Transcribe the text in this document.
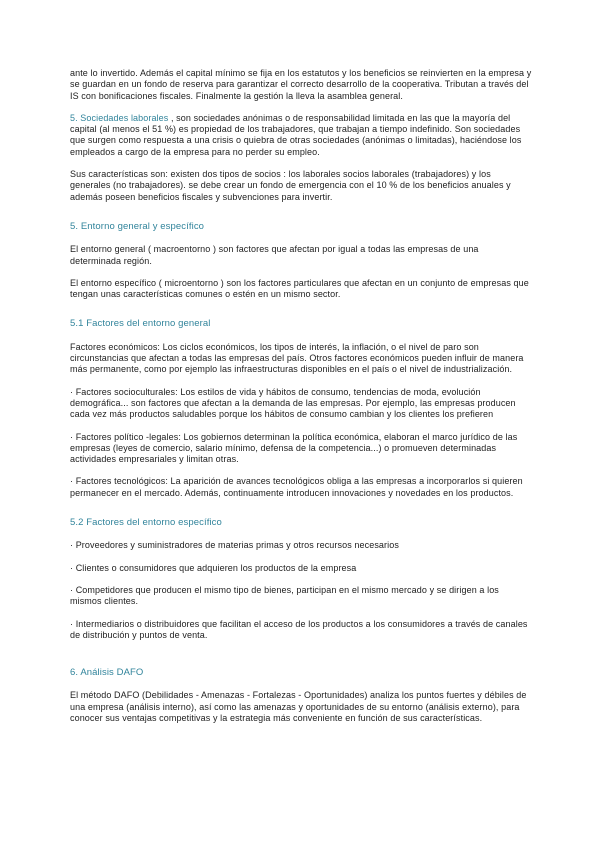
ante lo invertido. Además el capital mínimo se fija en los estatutos y los beneficios se reinvierten en la empresa y se guardan en un fondo de reserva para garantizar el correcto desarrollo de la cooperativa. Tributan a través del IS con bonificaciones fiscales. Finalmente la gestión la lleva la asamblea general.

5. Sociedades laborales , son sociedades anónimas o de responsabilidad limitada en las que la mayoría del capital (al menos el 51 %) es propiedad de los trabajadores, que trabajan a tiempo indefinido. Son sociedades que surgen como respuesta a una crisis o quiebra de otras sociedades (anónimas o limitadas), haciéndose los empleados a cargo de la empresa para no perder su empleo.

Sus características son: existen dos tipos de socios : los laborales socios laborales (trabajadores) y los generales (no trabajadores). se debe crear un fondo de emergencia con el 10 % de los beneficios anuales y además poseen beneficios fiscales y subvenciones para invertir.

5. Entorno general y específico

El entorno general ( macroentorno ) son factores que afectan por igual a todas las empresas de una determinada región.

El entorno específico ( microentorno ) son los factores particulares que afectan en un conjunto de empresas que tengan unas características comunes o estén en un mismo sector.

5.1 Factores del entorno general

Factores económicos: Los ciclos económicos, los tipos de interés, la inflación, o el nivel de paro son circunstancias que afectan a todas las empresas del país. Otros factores económicos pueden influir de manera más permanente, como por ejemplo las infraestructuras disponibles en el país o el nivel de industrialización.

· Factores socioculturales: Los estilos de vida y hábitos de consumo, tendencias de moda, evolución demográfica... son factores que afectan a la demanda de las empresas. Por ejemplo, las empresas producen cada vez más productos saludables porque los hábitos de consumo cambian y los clientes los prefieren

· Factores político -legales: Los gobiernos determinan la política económica, elaboran el marco jurídico de las empresas (leyes de comercio, salario mínimo, defensa de la competencia...) o promueven determinadas actividades empresariales y limitan otras.

· Factores tecnológicos: La aparición de avances tecnológicos obliga a las empresas a incorporarlos si quieren permanecer en el mercado. Además, continuamente introducen innovaciones y novedades en los productos.

5.2 Factores del entorno específico

· Proveedores y suministradores de materias primas y otros recursos necesarios

· Clientes o consumidores que adquieren los productos de la empresa

· Competidores que producen el mismo tipo de bienes, participan en el mismo mercado y se dirigen a los mismos clientes.

· Intermediarios o distribuidores que facilitan el acceso de los productos a los consumidores a través de canales de distribución y puntos de venta.

6. Análisis DAFO

El método DAFO (Debilidades - Amenazas - Fortalezas - Oportunidades) analiza los puntos fuertes y débiles de una empresa (análisis interno), así como las amenazas y oportunidades de su entorno (análisis externo), para conocer sus ventajas competitivas y la estrategia más conveniente en función de sus características.
